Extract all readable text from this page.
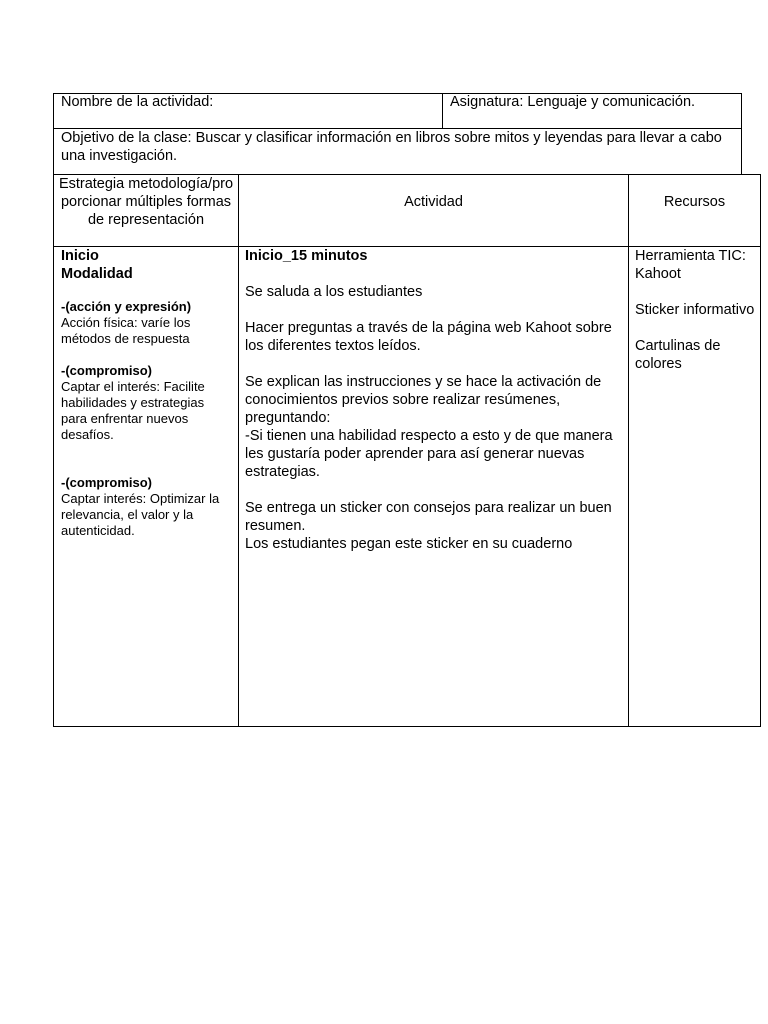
Nombre de la actividad:	Asignatura: Lenguaje y comunicación.
Objetivo de la clase: Buscar y clasificar información en libros sobre mitos y leyendas para llevar a cabo una investigación.
Estrategia metodología/proporcionar múltiples formas de representación
Actividad	Recursos
Inicio
Modalidad
-(acción y expresión)
Acción física: varíe los métodos de respuesta
-(compromiso)
Captar el interés: Facilite habilidades y estrategias para enfrentar nuevos desafíos.
-(compromiso)
Captar interés: Optimizar la relevancia, el valor y la autenticidad.
Inicio_15 minutos
Se saluda a los estudiantes
Hacer preguntas a través de la página web Kahoot sobre los diferentes textos leídos.
Se explican las instrucciones y se hace la activación de conocimientos previos sobre realizar resúmenes, preguntando:
-Si tienen una habilidad respecto a esto y de que manera les gustaría poder aprender para así generar nuevas estrategias.
Se entrega un sticker con consejos para realizar un buen resumen.
Los estudiantes pegan este sticker en su cuaderno
Herramienta TIC: Kahoot
Sticker informativo
Cartulinas de colores
